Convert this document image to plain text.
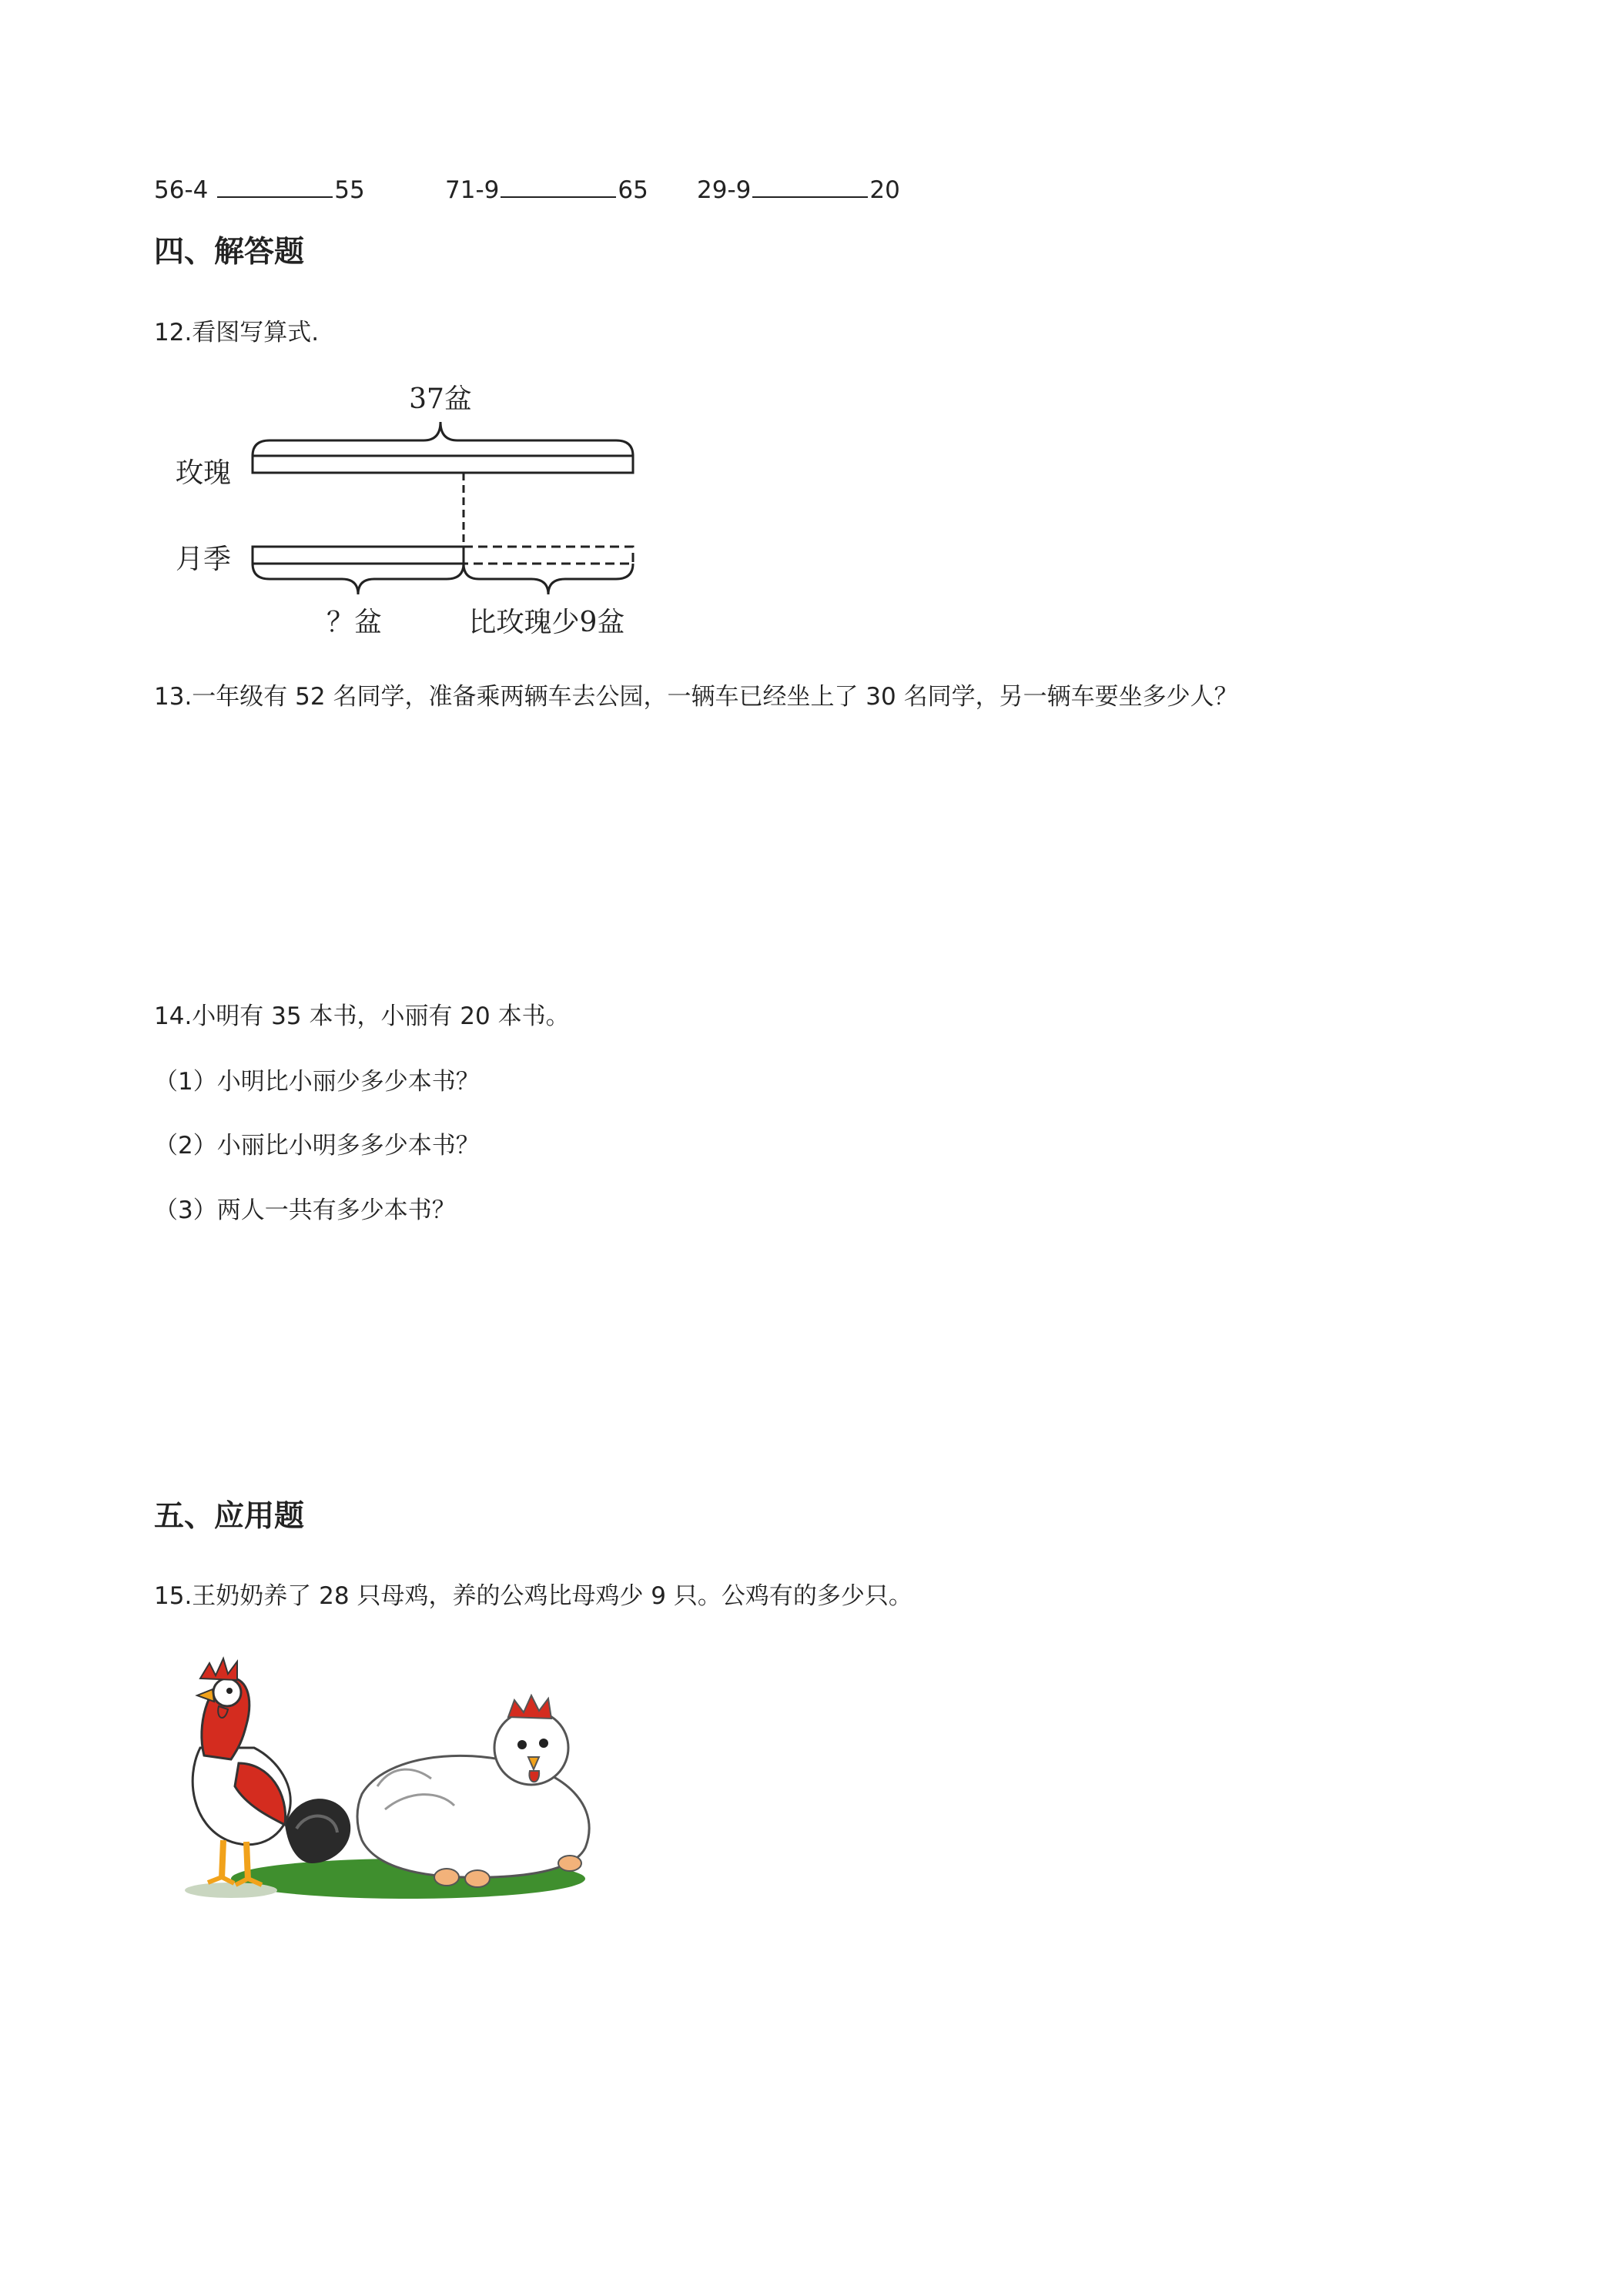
56-4	55	71-9	65 29-9	20
四、解答题
12.看图写算式.
37盆
玫瑰
月季
？盆	比玫瑰少9盆
13.一年级有 52 名同学，准备乘两辆车去公园，一辆车已经坐上了 30 名同学，另一辆车要坐多少人？
14.小明有 35 本书，小丽有 20 本书。
（1）小明比小丽少多少本书？
（2）小丽比小明多多少本书？
（3）两人一共有多少本书？
五、应用题
15.王奶奶养了 28 只母鸡，养的公鸡比母鸡少 9 只。公鸡有的多少只。
